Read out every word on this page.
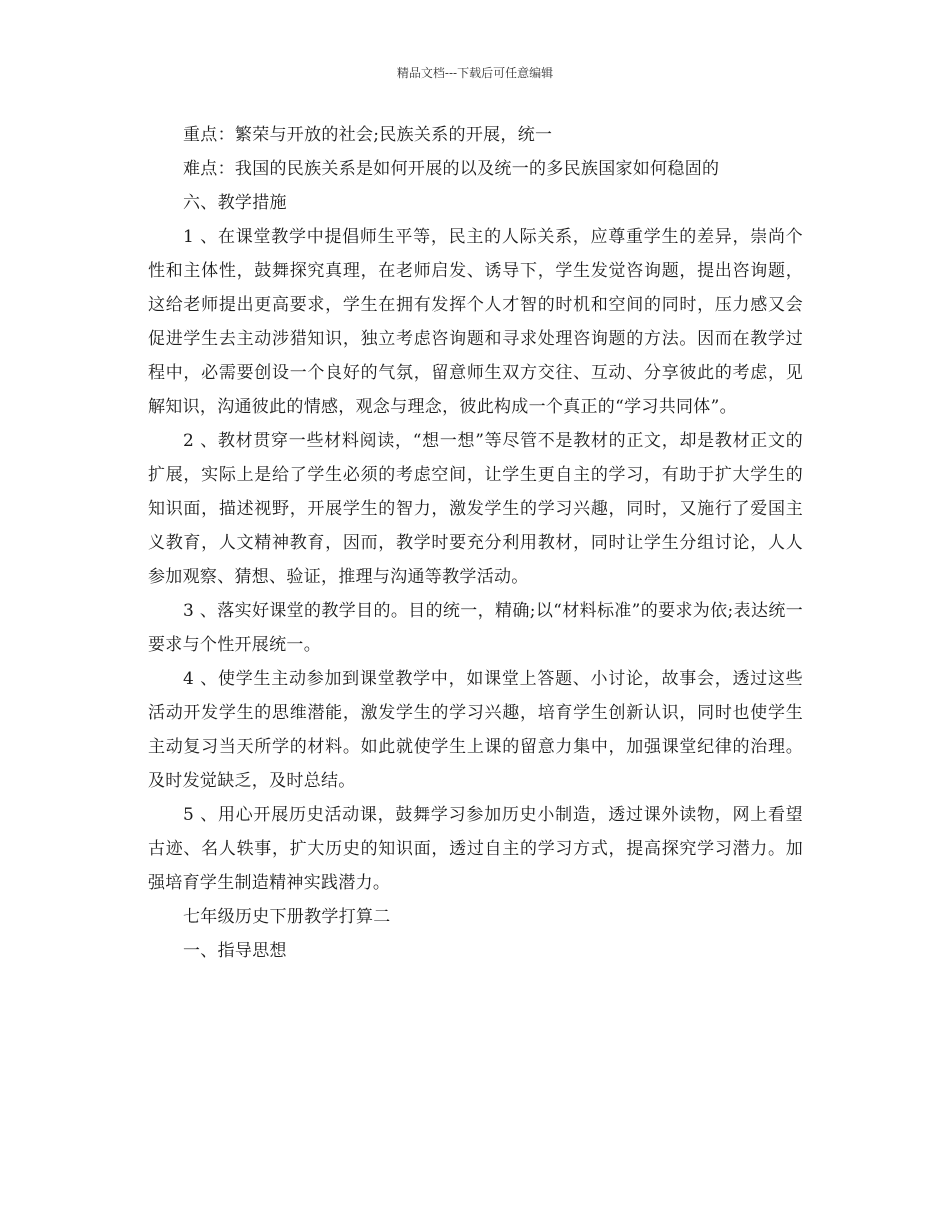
精品文档---下载后可任意编辑

重点：繁荣与开放的社会;民族关系的开展，统一

难点：我国的民族关系是如何开展的以及统一的多民族国家如何稳固的

六、教学措施

1 、在课堂教学中提倡师生平等，民主的人际关系，应尊重学生的差异，崇尚个性和主体性，鼓舞探究真理，在老师启发、诱导下，学生发觉咨询题，提出咨询题，这给老师提出更高要求，学生在拥有发挥个人才智的时机和空间的同时，压力感又会促进学生去主动涉猎知识，独立考虑咨询题和寻求处理咨询题的方法。因而在教学过程中，必需要创设一个良好的气氛，留意师生双方交往、互动、分享彼此的考虑，见解知识，沟通彼此的情感，观念与理念，彼此构成一个真正的“学习共同体”。

2 、教材贯穿一些材料阅读，“想一想”等尽管不是教材的正文，却是教材正文的扩展，实际上是给了学生必须的考虑空间，让学生更自主的学习，有助于扩大学生的知识面，描述视野，开展学生的智力，激发学生的学习兴趣，同时，又施行了爱国主义教育，人文精神教育，因而，教学时要充分利用教材，同时让学生分组讨论，人人参加观察、猜想、验证，推理与沟通等教学活动。

3 、落实好课堂的教学目的。目的统一，精确;以“材料标准”的要求为依;表达统一要求与个性开展统一。

4 、使学生主动参加到课堂教学中，如课堂上答题、小讨论，故事会，透过这些活动开发学生的思维潜能，激发学生的学习兴趣，培育学生创新认识，同时也使学生主动复习当天所学的材料。如此就使学生上课的留意力集中，加强课堂纪律的治理。及时发觉缺乏，及时总结。

5 、用心开展历史活动课，鼓舞学习参加历史小制造，透过课外读物，网上看望古迹、名人轶事，扩大历史的知识面，透过自主的学习方式，提高探究学习潜力。加强培育学生制造精神实践潜力。

七年级历史下册教学打算二

一、指导思想
